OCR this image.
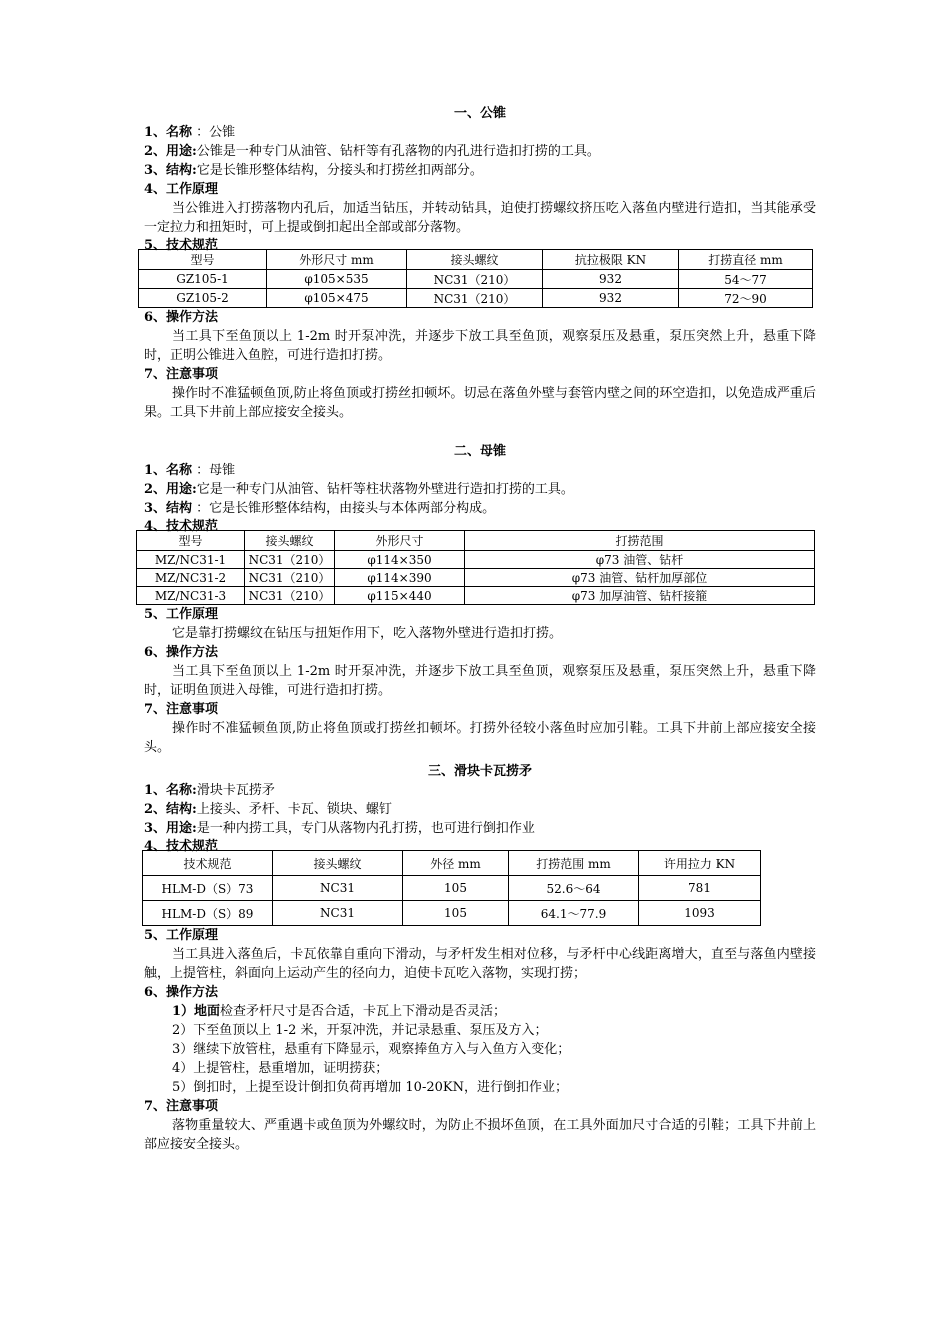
一、公锥
1、名称 ：公锥
2、用途:公锥是一种专门从油管、钻杆等有孔落物的内孔进行造扣打捞的工具。
3、结构:它是长锥形整体结构，分接头和打捞丝扣两部分。
4、工作原理
当公锥进入打捞落物内孔后，加适当钻压，并转动钻具，迫使打捞螺纹挤压吃入落鱼内壁进行造扣，当其能承受一定拉力和扭矩时，可上提或倒扣起出全部或部分落物。
5、技术规范
型号	外形尺寸 mm	接头螺纹	抗拉极限 KN	打捞直径 mm
GZ105-1	φ105×535	NC31（210）	932	54～77
GZ105-2	φ105×475	NC31（210）	932	72～90
6、操作方法
当工具下至鱼顶以上 1-2m 时开泵冲洗，并逐步下放工具至鱼顶，观察泵压及悬重，泵压突然上升，悬重下降时，正明公锥进入鱼腔，可进行造扣打捞。
7、注意事项
操作时不准猛顿鱼顶,防止将鱼顶或打捞丝扣顿坏。切忌在落鱼外壁与套管内壁之间的环空造扣，以免造成严重后果。工具下井前上部应接安全接头。
二、母锥
1、名称 ：母锥
2、用途:它是一种专门从油管、钻杆等柱状落物外壁进行造扣打捞的工具。
3、结构 ：它是长锥形整体结构，由接头与本体两部分构成。
4、技术规范
型号	接头螺纹	外形尺寸	打捞范围
MZ/NC31-1	NC31（210）	φ114×350	φ73 油管、钻杆
MZ/NC31-2	NC31（210）	φ114×390	φ73 油管、钻杆加厚部位
MZ/NC31-3	NC31（210）	φ115×440	φ73 加厚油管、钻杆接箍
5、工作原理
它是靠打捞螺纹在钻压与扭矩作用下，吃入落物外壁进行造扣打捞。
6、操作方法
当工具下至鱼顶以上 1-2m 时开泵冲洗，并逐步下放工具至鱼顶，观察泵压及悬重，泵压突然上升，悬重下降时，证明鱼顶进入母锥，可进行造扣打捞。
7、注意事项
操作时不准猛顿鱼顶,防止将鱼顶或打捞丝扣顿坏。打捞外径较小落鱼时应加引鞋。工具下井前上部应接安全接头。
三、滑块卡瓦捞矛
1、名称:滑块卡瓦捞矛
2、结构:上接头、矛杆、卡瓦、锁块、螺钉
3、用途:是一种内捞工具，专门从落物内孔打捞，也可进行倒扣作业
4、技术规范
技术规范	接头螺纹	外径 mm	打捞范围 mm	许用拉力 KN
HLM-D（S）73	NC31	105	52.6～64	781
HLM-D（S）89	NC31	105	64.1～77.9	1093
5、工作原理
当工具进入落鱼后，卡瓦依靠自重向下滑动，与矛杆发生相对位移，与矛杆中心线距离增大，直至与落鱼内壁接触，上提管柱，斜面向上运动产生的径向力，迫使卡瓦吃入落物，实现打捞；
6、操作方法
1）地面检查矛杆尺寸是否合适，卡瓦上下滑动是否灵活；
2）下至鱼顶以上 1-2 米，开泵冲洗，并记录悬重、泵压及方入；
3）继续下放管柱，悬重有下降显示，观察捧鱼方入与入鱼方入变化；
4）上提管柱，悬重增加，证明捞获；
5）倒扣时，上提至设计倒扣负荷再增加 10-20KN，进行倒扣作业；
7、注意事项
落物重量较大、严重遇卡或鱼顶为外螺纹时，为防止不损坏鱼顶，在工具外面加尺寸合适的引鞋；工具下井前上部应接安全接头。
